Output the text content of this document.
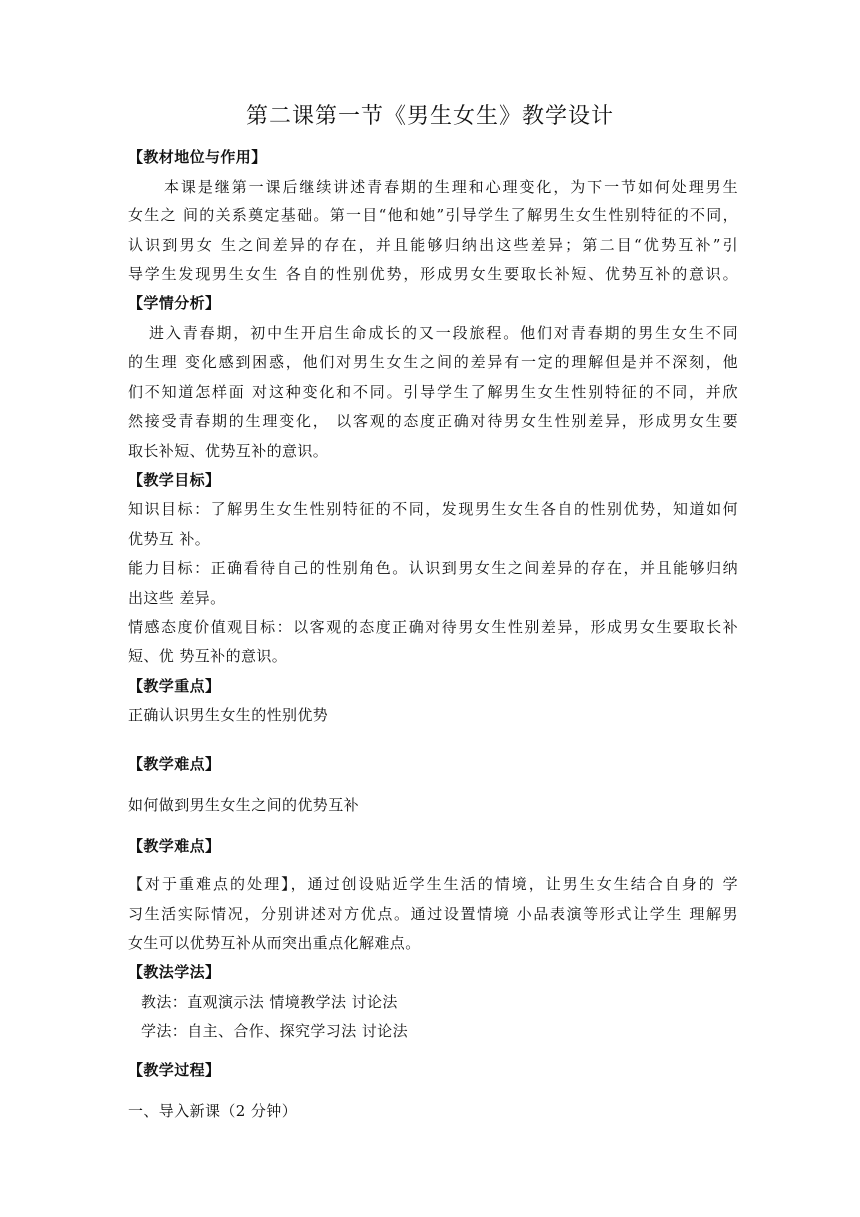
第二课第一节《男生女生》教学设计

【教材地位与作用】

本课是继第一课后继续讲述青春期的生理和心理变化，为下一节如何处理男生

女生之 间的关系奠定基础。第一目“他和她”引导学生了解男生女生性别特征的不同，

认识到男女 生之间差异的存在，并且能够归纳出这些差异；第二目“优势互补”引

导学生发现男生女生 各自的性别优势，形成男女生要取长补短、优势互补的意识。

【学情分析】

进入青春期，初中生开启生命成长的又一段旅程。他们对青春期的男生女生不同

的生理 变化感到困惑，他们对男生女生之间的差异有一定的理解但是并不深刻，他

们不知道怎样面 对这种变化和不同。引导学生了解男生女生性别特征的不同，并欣

然接受青春期的生理变化， 以客观的态度正确对待男女生性别差异，形成男女生要

取长补短、优势互补的意识。

【教学目标】

知识目标：了解男生女生性别特征的不同，发现男生女生各自的性别优势，知道如何

优势互 补。

能力目标：正确看待自己的性别角色。认识到男女生之间差异的存在，并且能够归纳

出这些 差异。

情感态度价值观目标：以客观的态度正确对待男女生性别差异，形成男女生要取长补

短、优 势互补的意识。

【教学重点】

正确认识男生女生的性别优势

【教学难点】

如何做到男生女生之间的优势互补

【教学难点】

【对于重难点的处理】，通过创设贴近学生生活的情境，让男生女生结合自身的 学

习生活实际情况，分别讲述对方优点。通过设置情境 小品表演等形式让学生 理解男

女生可以优势互补从而突出重点化解难点。

【教法学法】

教法：直观演示法 情境教学法 讨论法

学法：自主、合作、探究学习法 讨论法

【教学过程】

一、导入新课（2 分钟）
